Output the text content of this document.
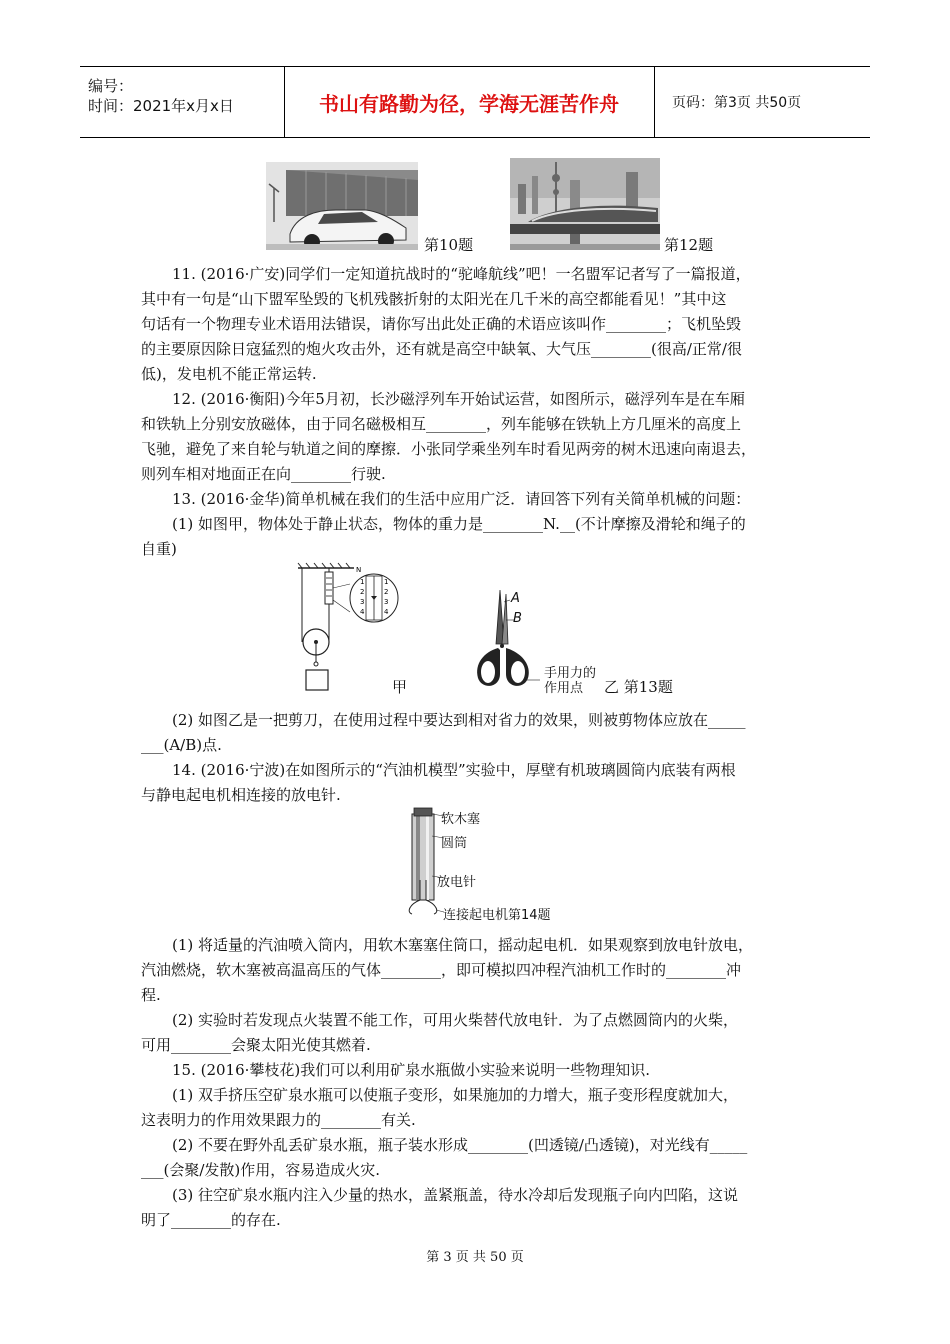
编号：
时间：2021年x月x日	书山有路勤为径，学海无涯苦作舟	页码：第3页 共50页
第10题	第12题
11. (2016·广安)同学们一定知道抗战时的“驼峰航线”吧！一名盟军记者写了一篇报道，
其中有一句是“山下盟军坠毁的飞机残骸折射的太阳光在几千米的高空都能看见！”其中这
句话有一个物理专业术语用法错误，请你写出此处正确的术语应该叫作________；飞机坠毁
的主要原因除日寇猛烈的炮火攻击外，还有就是高空中缺氧、大气压________(很高/正常/很
低)，发电机不能正常运转.
12. (2016·衡阳)今年5月初，长沙磁浮列车开始试运营，如图所示，磁浮列车是在车厢
和铁轨上分别安放磁体，由于同名磁极相互________，列车能够在铁轨上方几厘米的高度上
飞驰，避免了来自轮与轨道之间的摩擦．小张同学乘坐列车时看见两旁的树木迅速向南退去，
则列车相对地面正在向________行驶.
13. (2016·金华)简单机械在我们的生活中应用广泛．请回答下列有关简单机械的问题：
(1) 如图甲，物体处于静止状态，物体的重力是________N.__(不计摩擦及滑轮和绳子的
自重)
N
1
2
3
4
1
2
3
4
甲
A
B
手用力的
作用点 乙 第13题
(2) 如图乙是一把剪刀，在使用过程中要达到相对省力的效果，则被剪物体应放在_____
___(A/B)点.
14. (2016·宁波)在如图所示的“汽油机模型”实验中，厚壁有机玻璃圆筒内底装有两根
与静电起电机相连接的放电针.
软木塞
圆筒
放电针
连接起电机第14题
(1) 将适量的汽油喷入筒内，用软木塞塞住筒口，摇动起电机．如果观察到放电针放电，
汽油燃烧，软木塞被高温高压的气体________，即可模拟四冲程汽油机工作时的________冲
程.
(2) 实验时若发现点火装置不能工作，可用火柴替代放电针．为了点燃圆筒内的火柴，
可用________会聚太阳光使其燃着.
15. (2016·攀枝花)我们可以利用矿泉水瓶做小实验来说明一些物理知识.
(1) 双手挤压空矿泉水瓶可以使瓶子变形，如果施加的力增大，瓶子变形程度就加大，
这表明力的作用效果跟力的________有关.
(2) 不要在野外乱丢矿泉水瓶，瓶子装水形成________(凹透镜/凸透镜)，对光线有_____
___(会聚/发散)作用，容易造成火灾.
(3) 往空矿泉水瓶内注入少量的热水，盖紧瓶盖，待水冷却后发现瓶子向内凹陷，这说
明了________的存在.
第 3 页 共 50 页
